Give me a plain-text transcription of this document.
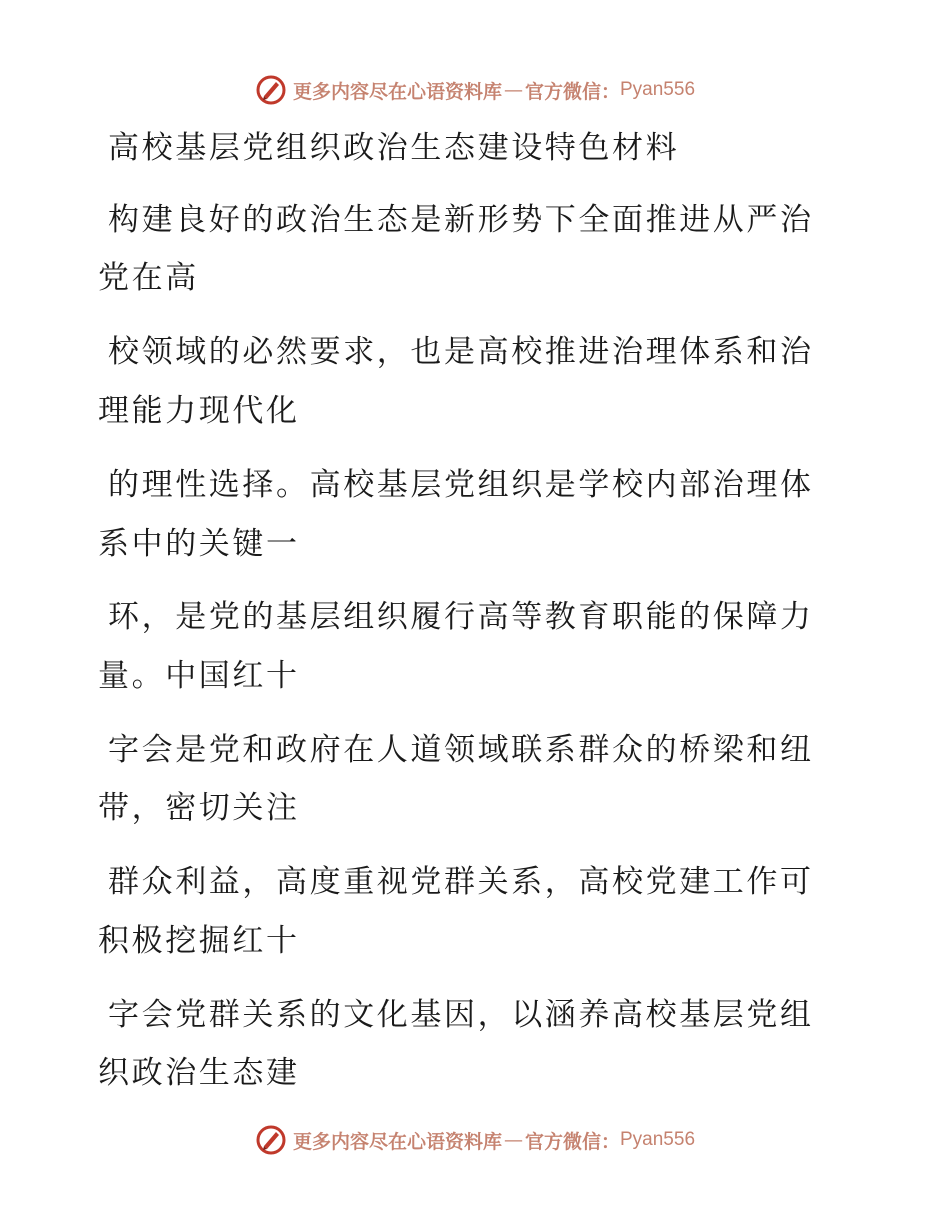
更多内容尽在心语资料库 — 官方微信： Pyan556
高校基层党组织政治生态建设特色材料
构建良好的政治生态是新形势下全面推进从严治
党在高
校领域的必然要求，也是高校推进治理体系和治
理能力现代化
的理性选择。高校基层党组织是学校内部治理体
系中的关键一
环，是党的基层组织履行高等教育职能的保障力
量。中国红十
字会是党和政府在人道领域联系群众的桥梁和纽
带，密切关注
群众利益，高度重视党群关系，高校党建工作可
积极挖掘红十
字会党群关系的文化基因，以涵养高校基层党组
织政治生态建
更多内容尽在心语资料库 — 官方微信： Pyan556
